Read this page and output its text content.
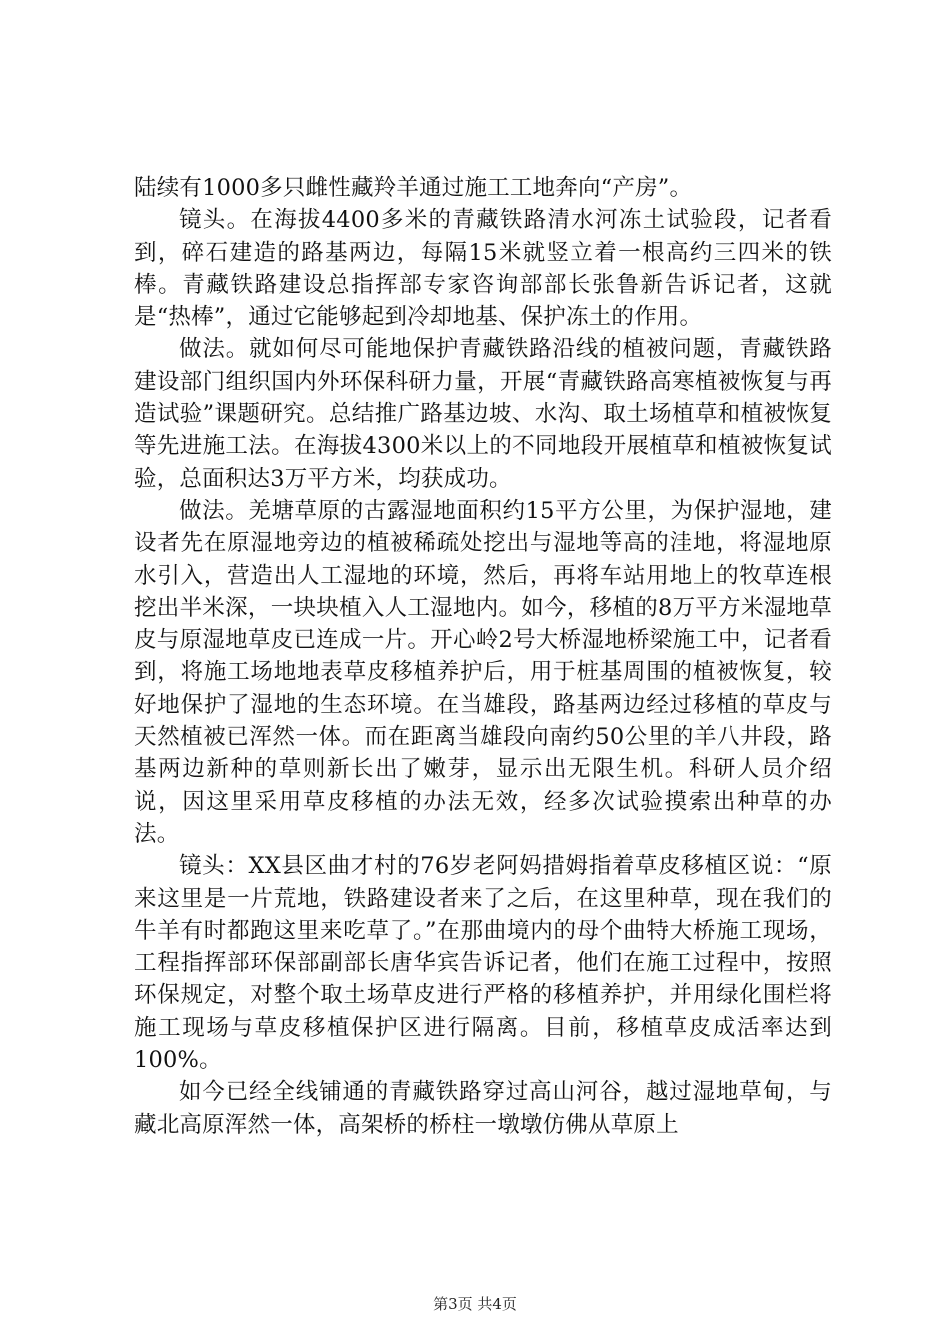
陆续有1000多只雌性藏羚羊通过施工工地奔向“产房”。

镜头。在海拔4400多米的青藏铁路清水河冻土试验段，记者看到，碎石建造的路基两边，每隔15米就竖立着一根高约三四米的铁棒。青藏铁路建设总指挥部专家咨询部部长张鲁新告诉记者，这就是“热棒”，通过它能够起到冷却地基、保护冻土的作用。

做法。就如何尽可能地保护青藏铁路沿线的植被问题，青藏铁路建设部门组织国内外环保科研力量，开展“青藏铁路高寒植被恢复与再造试验”课题研究。总结推广路基边坡、水沟、取土场植草和植被恢复等先进施工法。在海拔4300米以上的不同地段开展植草和植被恢复试验，总面积达3万平方米，均获成功。

做法。羌塘草原的古露湿地面积约15平方公里，为保护湿地，建设者先在原湿地旁边的植被稀疏处挖出与湿地等高的洼地，将湿地原水引入，营造出人工湿地的环境，然后，再将车站用地上的牧草连根挖出半米深，一块块植入人工湿地内。如今，移植的8万平方米湿地草皮与原湿地草皮已连成一片。开心岭2号大桥湿地桥梁施工中，记者看到，将施工场地地表草皮移植养护后，用于桩基周围的植被恢复，较好地保护了湿地的生态环境。在当雄段，路基两边经过移植的草皮与天然植被已浑然一体。而在距离当雄段向南约50公里的羊八井段，路基两边新种的草则新长出了嫩芽，显示出无限生机。科研人员介绍说，因这里采用草皮移植的办法无效，经多次试验摸索出种草的办法。

镜头：XX县区曲才村的76岁老阿妈措姆指着草皮移植区说：“原来这里是一片荒地，铁路建设者来了之后，在这里种草，现在我们的牛羊有时都跑这里来吃草了。”在那曲境内的母个曲特大桥施工现场，工程指挥部环保部副部长唐华宾告诉记者，他们在施工过程中，按照环保规定，对整个取土场草皮进行严格的移植养护，并用绿化围栏将施工现场与草皮移植保护区进行隔离。目前，移植草皮成活率达到100%。

如今已经全线铺通的青藏铁路穿过高山河谷，越过湿地草甸，与藏北高原浑然一体，高架桥的桥柱一墩墩仿佛从草原上

第3页 共4页
